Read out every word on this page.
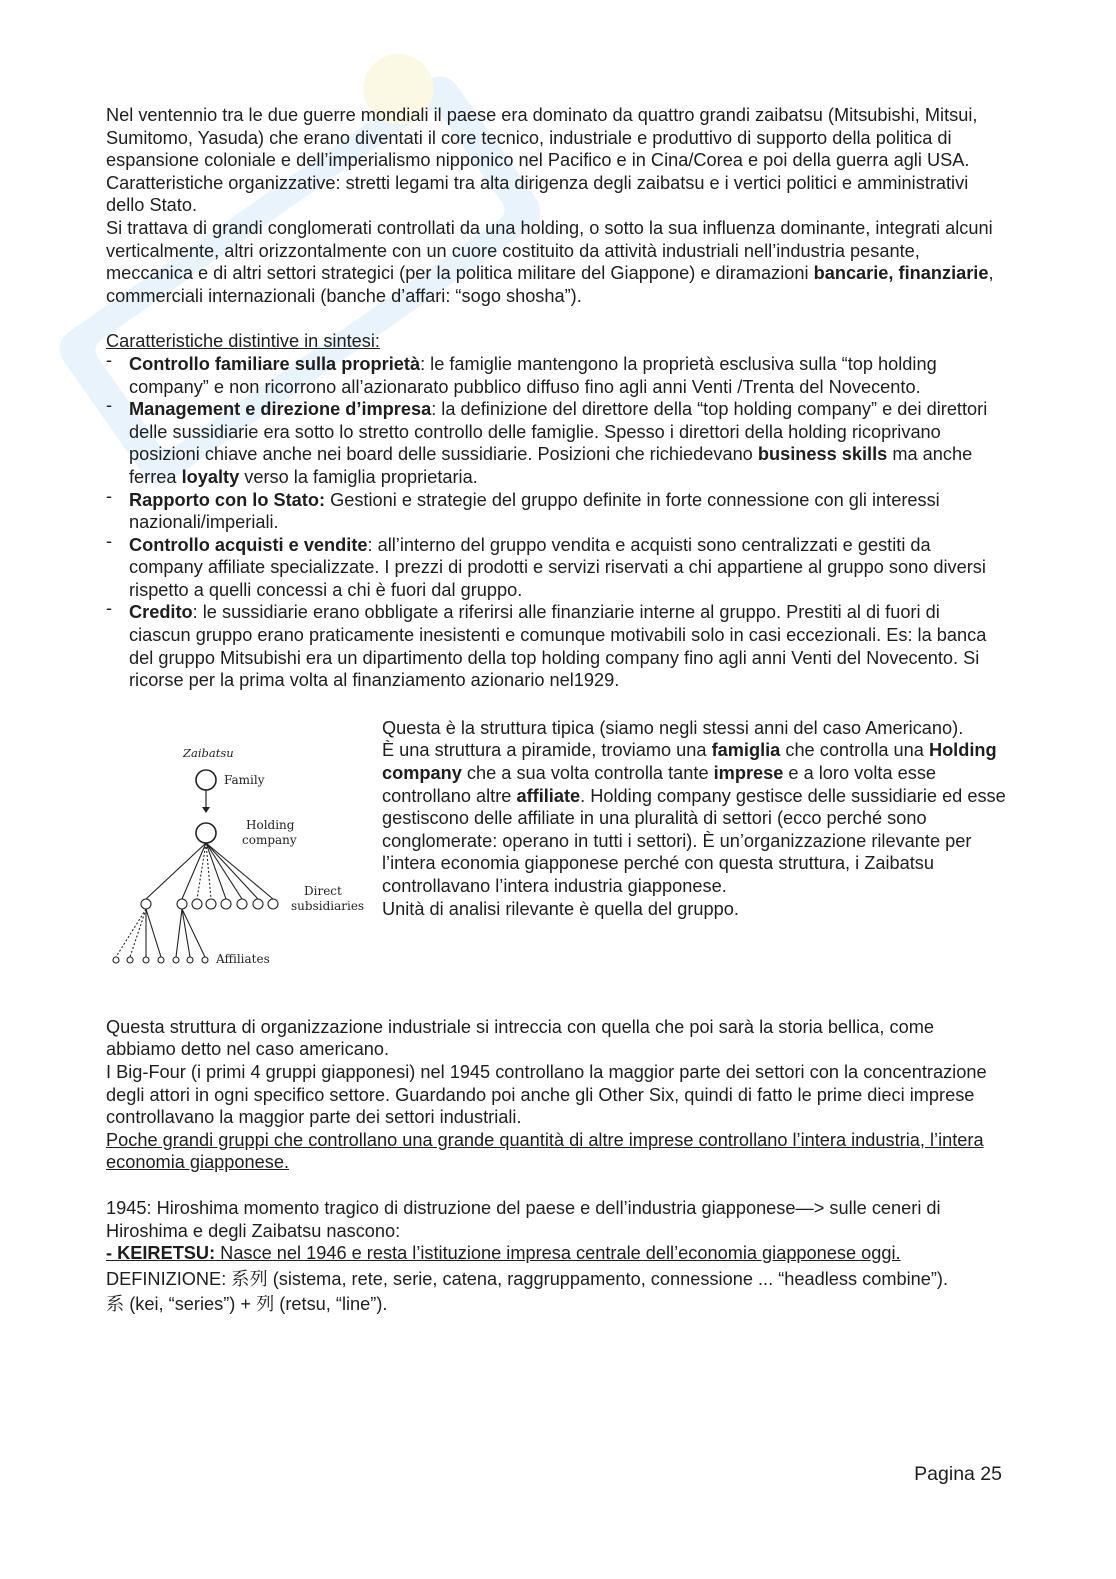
Nel ventennio tra le due guerre mondiali il paese era dominato da quattro grandi zaibatsu (Mitsubishi, Mitsui, Sumitomo, Yasuda) che erano diventati il core tecnico, industriale e produttivo di supporto della politica di espansione coloniale e dell’imperialismo nipponico nel Pacifico e in Cina/Corea e poi della guerra agli USA.

Caratteristiche organizzative: stretti legami tra alta dirigenza degli zaibatsu e i vertici politici e amministrativi dello Stato.

Si trattava di grandi conglomerati controllati da una holding, o sotto la sua influenza dominante, integrati alcuni verticalmente, altri orizzontalmente con un cuore costituito da attività industriali nell’industria pesante, meccanica e di altri settori strategici (per la politica militare del Giappone) e diramazioni bancarie, finanziarie, commerciali internazionali (banche d’affari: “sogo shosha”).

Caratteristiche distintive in sintesi:

- Controllo familiare sulla proprietà: le famiglie mantengono la proprietà esclusiva sulla “top holding company” e non ricorrono all’azionarato pubblico diffuso fino agli anni Venti /Trenta del Novecento.
- Management e direzione d’impresa: la definizione del direttore della “top holding company” e dei direttori delle sussidiarie era sotto lo stretto controllo delle famiglie. Spesso i direttori della holding ricoprivano posizioni chiave anche nei board delle sussidiarie. Posizioni che richiedevano business skills ma anche ferrea loyalty verso la famiglia proprietaria.
- Rapporto con lo Stato: Gestioni e strategie del gruppo definite in forte connessione con gli interessi nazionali/imperiali.
- Controllo acquisti e vendite: all’interno del gruppo vendita e acquisti sono centralizzati e gestiti da company affiliate specializzate. I prezzi di prodotti e servizi riservati a chi appartiene al gruppo sono diversi rispetto a quelli concessi a chi è fuori dal gruppo.
- Credito: le sussidiarie erano obbligate a riferirsi alle finanziarie interne al gruppo. Prestiti al di fuori di ciascun gruppo erano praticamente inesistenti e comunque motivabili solo in casi eccezionali. Es: la banca del gruppo Mitsubishi era un dipartimento della top holding company fino agli anni Venti del Novecento. Si ricorse per la prima volta al finanziamento azionario nel1929.
Zaibatsu
Family
Holding
company
Direct
subsidiaries
Affiliates

Questa è la struttura tipica (siamo negli stessi anni del caso Americano).

È una struttura a piramide, troviamo una famiglia che controlla una Holding company che a sua volta controlla tante imprese e a loro volta esse controllano altre affiliate. Holding company gestisce delle sussidiarie ed esse gestiscono delle affiliate in una pluralità di settori (ecco perché sono conglomerate: operano in tutti i settori). È un’organizzazione rilevante per l’intera economia giapponese perché con questa struttura, i Zaibatsu controllavano l’intera industria giapponese.

Unità di analisi rilevante è quella del gruppo.

Questa struttura di organizzazione industriale si intreccia con quella che poi sarà la storia bellica, come abbiamo detto nel caso americano.

I Big-Four (i primi 4 gruppi giapponesi) nel 1945 controllano la maggior parte dei settori con la concentrazione degli attori in ogni specifico settore. Guardando poi anche gli Other Six, quindi di fatto le prime dieci imprese controllavano la maggior parte dei settori industriali.

Poche grandi gruppi che controllano una grande quantità di altre imprese controllano l’intera industria, l’intera economia giapponese.

1945: Hiroshima momento tragico di distruzione del paese e dell’industria giapponese—> sulle ceneri di Hiroshima e degli Zaibatsu nascono:

- KEIRETSU: Nasce nel 1946 e resta l’istituzione impresa centrale dell’economia giapponese oggi.

DEFINIZIONE: 系列 (sistema, rete, serie, catena, raggruppamento, connessione ... “headless combine”).

系 (kei, “series”) + 列 (retsu, “line”).

Pagina 25
